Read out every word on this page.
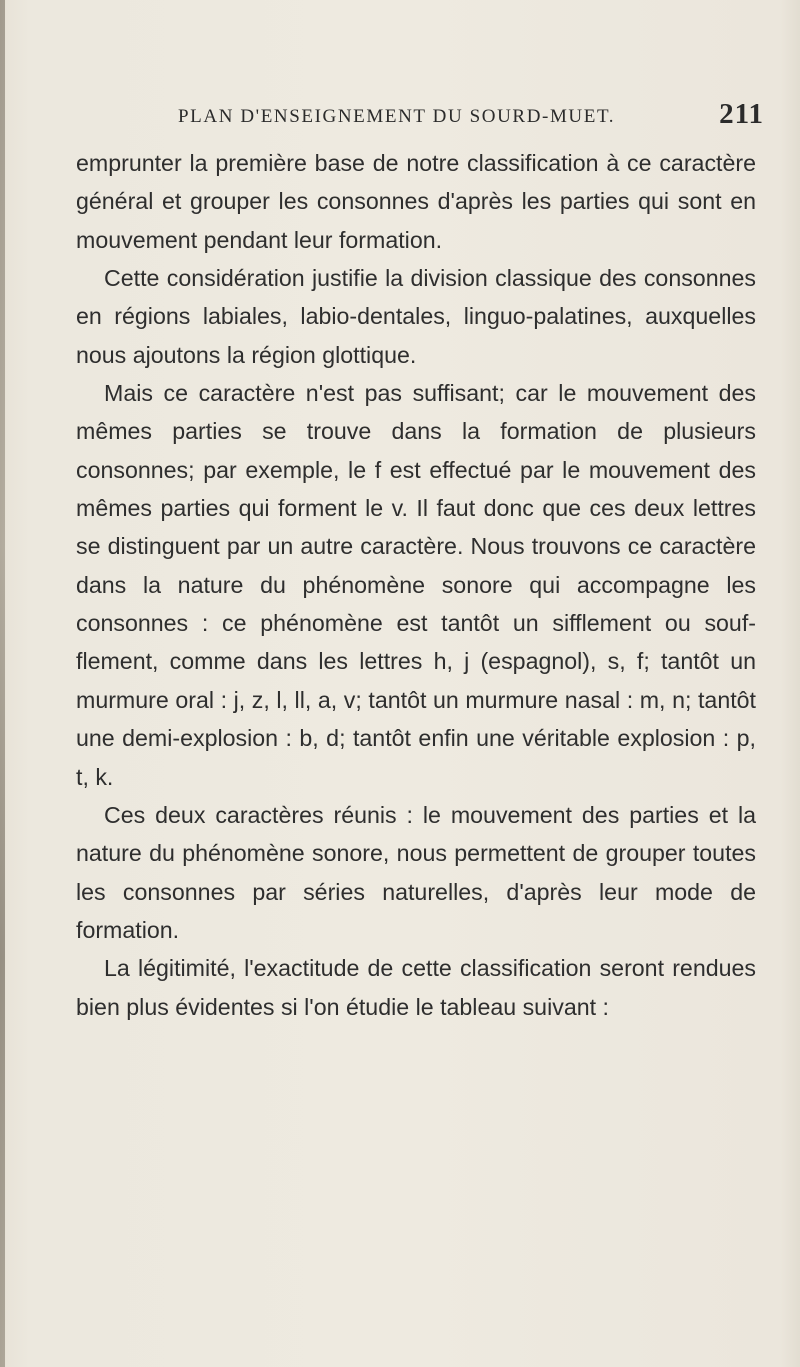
PLAN D'ENSEIGNEMENT DU SOURD-MUET.	211

emprunter la première base de notre classification à ce caractère général et grouper les consonnes d'après les parties qui sont en mouvement pendant leur formation.

Cette considération justifie la division classique des consonnes en régions labiales, labio-dentales, linguo-palatines, auxquelles nous ajoutons la région glottique.

Mais ce caractère n'est pas suffisant; car le mouvement des mêmes parties se trouve dans la formation de plusieurs consonnes; par exemple, le f est effectué par le mouvement des mêmes parties qui forment le v. Il faut donc que ces deux lettres se distinguent par un autre caractère. Nous trouvons ce caractère dans la nature du phénomène sonore qui accompagne les consonnes : ce phénomène est tantôt un sifflement ou souf-flement, comme dans les lettres h, j (espagnol), s, f; tantôt un murmure oral : j, z, l, ll, a, v; tantôt un murmure nasal : m, n; tantôt une demi-explosion : b, d; tantôt enfin une véritable explosion : p, t, k.

Ces deux caractères réunis : le mouvement des parties et la nature du phénomène sonore, nous permettent de grouper toutes les consonnes par séries naturelles, d'après leur mode de formation.

La légitimité, l'exactitude de cette classification seront rendues bien plus évidentes si l'on étudie le tableau suivant :
